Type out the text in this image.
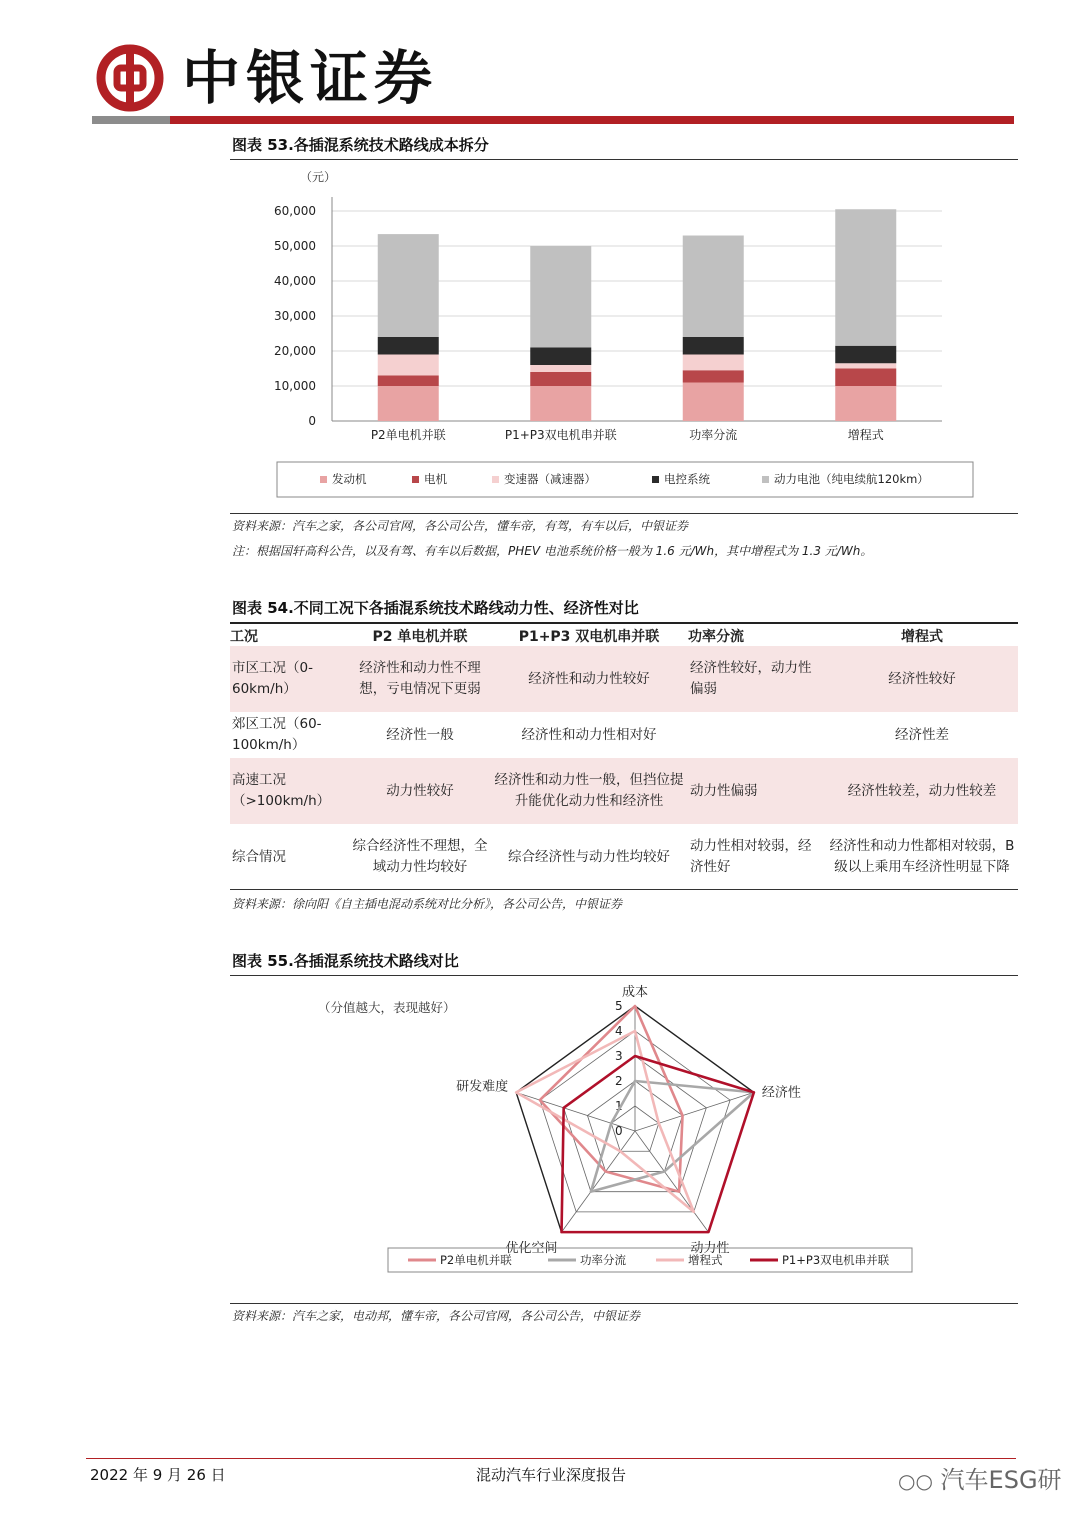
中银证券
图表 53.各插混系统技术路线成本拆分
（元）
0
10,000
20,000
30,000
40,000
50,000
60,000
P2单电机并联	P1+P3双电机串并联	功率分流	增程式
发动机	电机	变速器（减速器）	电控系统	动力电池（纯电续航120km）
资料来源：汽车之家，各公司官网，各公司公告，懂车帝，有驾，有车以后，中银证券
注：根据国轩高科公告，以及有驾、有车以后数据，PHEV 电池系统价格一般为 1.6 元/Wh，其中增程式为 1.3 元/Wh。
图表 54.不同工况下各插混系统技术路线动力性、经济性对比
工况	P2 单电机并联	P1+P3 双电机串并联	功率分流	增程式
市区工况（0-60km/h）	经济性和动力性不理想，亏电情况下更弱	经济性和动力性较好	经济性较好，动力性偏弱	经济性较好
郊区工况（60-100km/h）	经济性一般	经济性和动力性相对好		经济性差
高速工况（>100km/h）	动力性较好	经济性和动力性一般，但挡位提升能优化动力性和经济性	动力性偏弱	经济性较差，动力性较差
综合情况	综合经济性不理想，全域动力性均较好	综合经济性与动力性均较好	动力性相对较弱，经济性好	经济性和动力性都相对较弱，B 级以上乘用车经济性明显下降
资料来源：徐向阳《自主插电混动系统对比分析》，各公司公告，中银证券
图表 55.各插混系统技术路线对比
（分值越大，表现越好）
0
1
2
3
4
5
成本
经济性
动力性
优化空间
研发难度
P2单电机并联	功率分流	增程式	P1+P3双电机串并联
资料来源：汽车之家，电动邦，懂车帝，各公司官网，各公司公告，中银证券
2022 年 9 月 26 日	混动汽车行业深度报告	○○ 汽车ESG研
